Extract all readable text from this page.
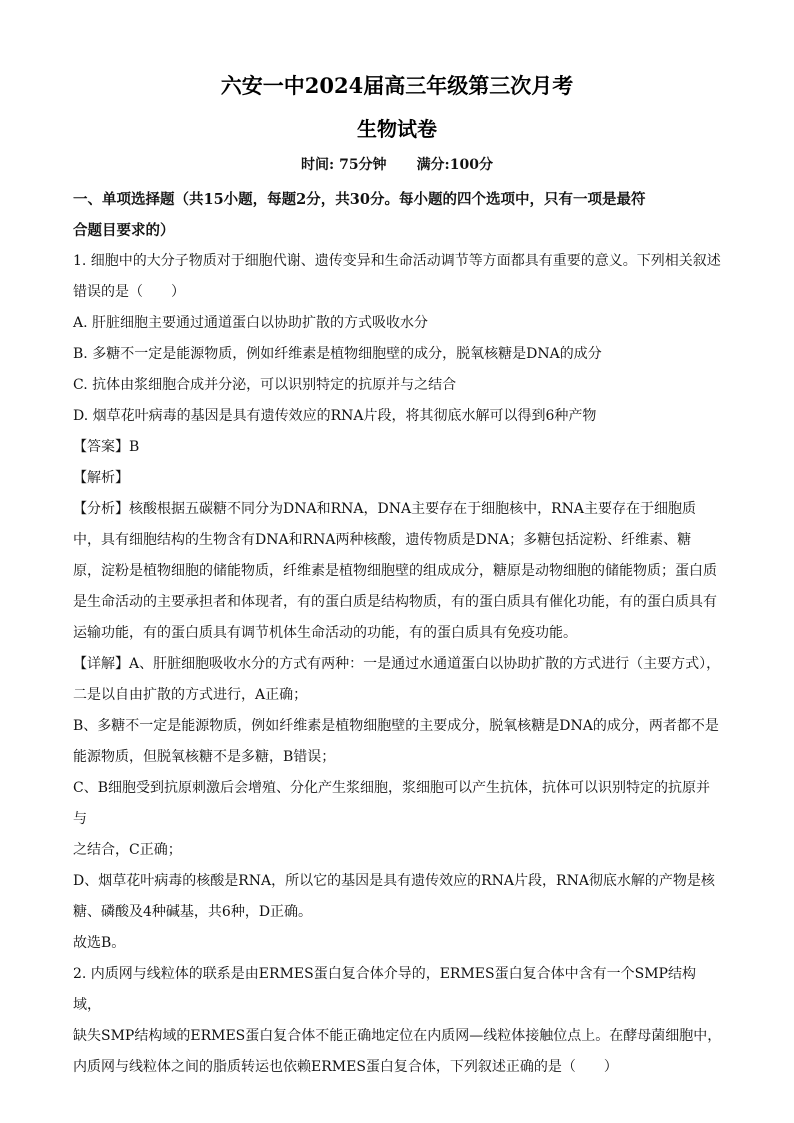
六安一中2024届高三年级第三次月考
生物试卷
时间: 75分钟 满分:100分

一、单项选择题（共15小题，每题2分，共30分。每小题的四个选项中，只有一项是最符

合题目要求的）

1. 细胞中的大分子物质对于细胞代谢、遗传变异和生命活动调节等方面都具有重要的意义。下列相关叙述

错误的是（　　）

A. 肝脏细胞主要通过通道蛋白以协助扩散的方式吸收水分

B. 多糖不一定是能源物质，例如纤维素是植物细胞壁的成分，脱氧核糖是DNA的成分

C. 抗体由浆细胞合成并分泌，可以识别特定的抗原并与之结合

D. 烟草花叶病毒的基因是具有遗传效应的RNA片段，将其彻底水解可以得到6种产物

【答案】B

【解析】

【分析】核酸根据五碳糖不同分为DNA和RNA，DNA主要存在于细胞核中，RNA主要存在于细胞质

中，具有细胞结构的生物含有DNA和RNA两种核酸，遗传物质是DNA；多糖包括淀粉、纤维素、糖

原，淀粉是植物细胞的储能物质，纤维素是植物细胞壁的组成成分，糖原是动物细胞的储能物质；蛋白质

是生命活动的主要承担者和体现者，有的蛋白质是结构物质，有的蛋白质具有催化功能，有的蛋白质具有

运输功能，有的蛋白质具有调节机体生命活动的功能，有的蛋白质具有免疫功能。

【详解】A、肝脏细胞吸收水分的方式有两种：一是通过水通道蛋白以协助扩散的方式进行（主要方式），

二是以自由扩散的方式进行，A正确；

B、多糖不一定是能源物质，例如纤维素是植物细胞壁的主要成分，脱氧核糖是DNA的成分，两者都不是

能源物质，但脱氧核糖不是多糖，B错误；

C、B细胞受到抗原刺激后会增殖、分化产生浆细胞，浆细胞可以产生抗体，抗体可以识别特定的抗原并与

之结合，C正确；

D、烟草花叶病毒的核酸是RNA，所以它的基因是具有遗传效应的RNA片段，RNA彻底水解的产物是核

糖、磷酸及4种碱基，共6种，D正确。

故选B。

2. 内质网与线粒体的联系是由ERMES蛋白复合体介导的，ERMES蛋白复合体中含有一个SMP结构域，

缺失SMP结构域的ERMES蛋白复合体不能正确地定位在内质网—线粒体接触位点上。在酵母菌细胞中，

内质网与线粒体之间的脂质转运也依赖ERMES蛋白复合体，下列叙述正确的是（　　）
